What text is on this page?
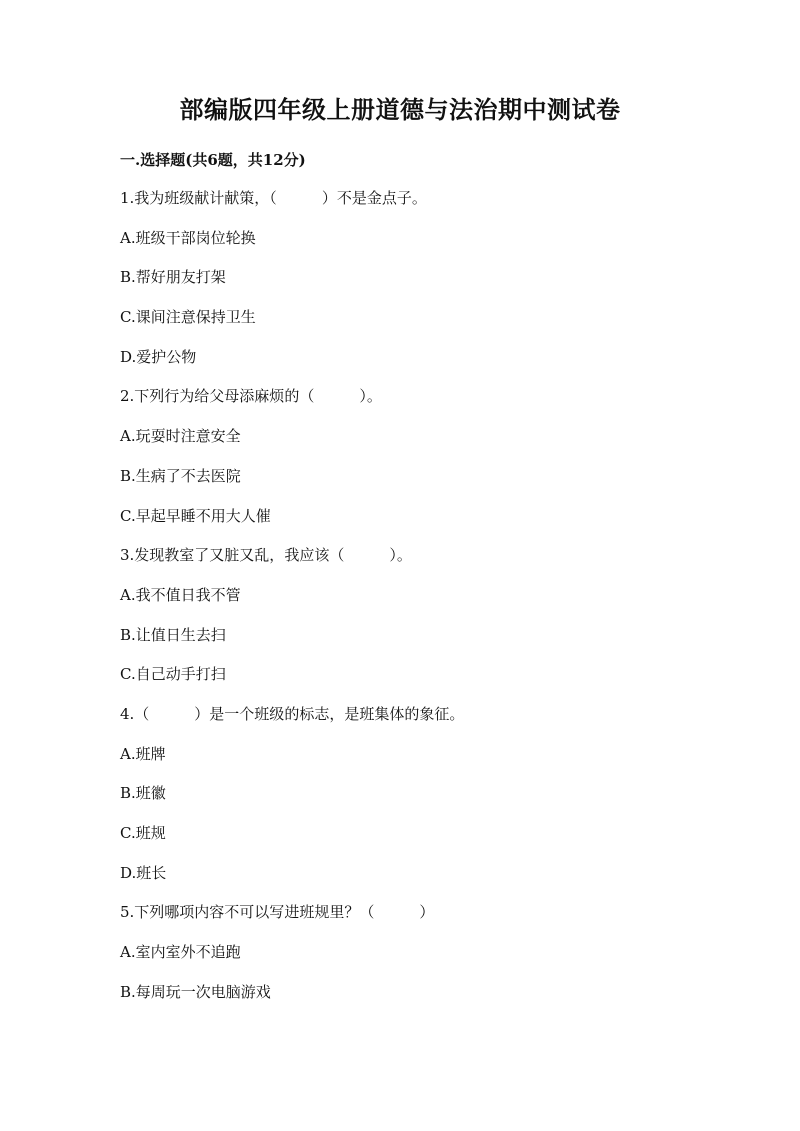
部编版四年级上册道德与法治期中测试卷
一.选择题(共6题，共12分)
1.我为班级献计献策，（　　　）不是金点子。
A.班级干部岗位轮换
B.帮好朋友打架
C.课间注意保持卫生
D.爱护公物
2.下列行为给父母添麻烦的（　　　）。
A.玩耍时注意安全
B.生病了不去医院
C.早起早睡不用大人催
3.发现教室了又脏又乱，我应该（　　　）。
A.我不值日我不管
B.让值日生去扫
C.自己动手打扫
4.（　　　）是一个班级的标志，是班集体的象征。
A.班牌
B.班徽
C.班规
D.班长
5.下列哪项内容不可以写进班规里？（　　　）
A.室内室外不追跑
B.每周玩一次电脑游戏
